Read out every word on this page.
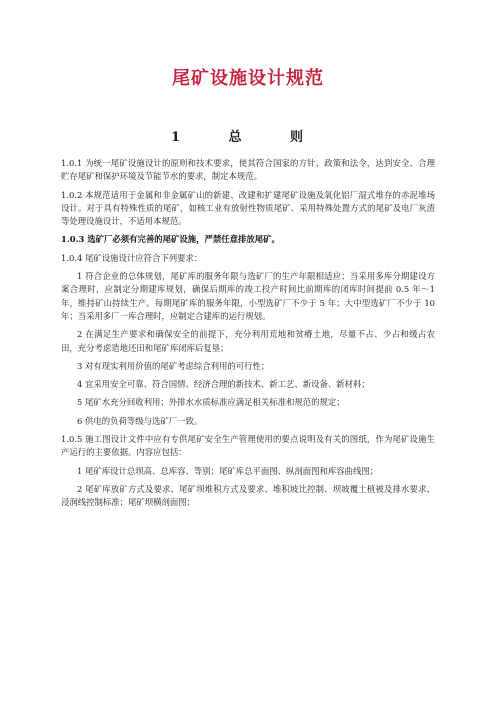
尾矿设施设计规范
1 总 则

1.0.1 为统一尾矿设施设计的原则和技术要求，使其符合国家的方针、政策和法令，达到安全、合理贮存尾矿和保护环境及节能节水的要求，制定本规范。

1.0.2 本规范适用于金属和非金属矿山的新建、改建和扩建尾矿设施及氧化铝厂湿式堆存的赤泥堆场设计。对于具有特殊性质的尾矿，如核工业有放射性物质尾矿、采用特殊处置方式的尾矿及电厂灰渣等处理设施设计，不适用本规范。

1.0.3 选矿厂必须有完善的尾矿设施，严禁任意排放尾矿。

1.0.4 尾矿设施设计应符合下列要求：

1 符合企业的总体规划，尾矿库的服务年限与选矿厂的生产年限相适应；当采用多库分期建设方案合理时，应制定分期建库规划，确保后期库的竣工投产时间比前期库的闭库时间提前 0.5 年～1 年，维持矿山持续生产。每期尾矿库的服务年限，小型选矿厂不少于 5 年；大中型选矿厂不少于 10 年；当采用多厂一库合理时，应制定合建库的运行规划。

2 在满足生产要求和确保安全的前提下，充分利用荒地和贫瘠土地，尽量不占、少占和缓占农田，充分考虑造地还田和尾矿库闭库后复垦；

3 对有现实利用价值的尾矿考虑综合利用的可行性；

4 宜采用安全可靠、符合国情、经济合理的新技术、新工艺、新设备、新材料；

5 尾矿水充分回收利用；外排水水质标准应满足相关标准和规范的规定；

6 供电的负荷等级与选矿厂一致。

1.0.5 施工图设计文件中应有专供尾矿安全生产管理使用的要点说明及有关的图纸，作为尾矿设施生产运行的主要依据。内容应包括：

1 尾矿库设计总坝高、总库容、等别；尾矿库总平面图、纵剖面图和库容曲线图；

2 尾矿库放矿方式及要求、尾矿坝堆积方式及要求、堆积坡比控制、坝坡覆土植被及排水要求、浸润线控制标准；尾矿坝横剖面图；
